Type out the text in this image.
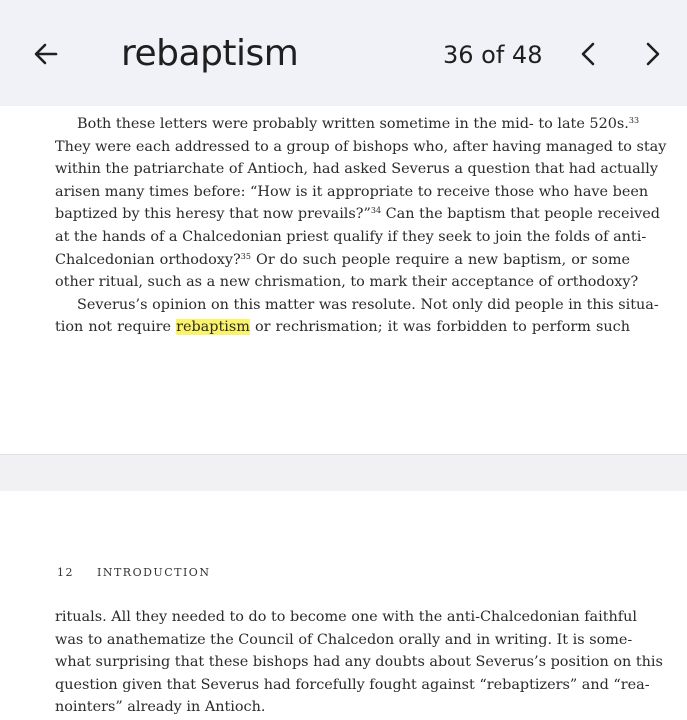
rebaptism	36 of 48
Both these letters were probably written sometime in the mid- to late 520s.$^{33}$
They were each addressed to a group of bishops who, after having managed to stay
within the patriarchate of Antioch, had asked Severus a question that had actually
arisen many times before: “How is it appropriate to receive those who have been
baptized by this heresy that now prevails?”$^{34}$ Can the baptism that people received
at the hands of a Chalcedonian priest qualify if they seek to join the folds of anti-
Chalcedonian orthodoxy?$^{35}$ Or do such people require a new baptism, or some
other ritual, such as a new chrismation, to mark their acceptance of orthodoxy?
Severus’s opinion on this matter was resolute. Not only did people in this situa-
tion not require rebaptism or rechrismation; it was forbidden to perform such
12 INTRODUCTION
rituals. All they needed to do to become one with the anti-Chalcedonian faithful
was to anathematize the Council of Chalcedon orally and in writing. It is some-
what surprising that these bishops had any doubts about Severus’s position on this
question given that Severus had forcefully fought against “rebaptizers” and “rea-
nointers” already in Antioch.
